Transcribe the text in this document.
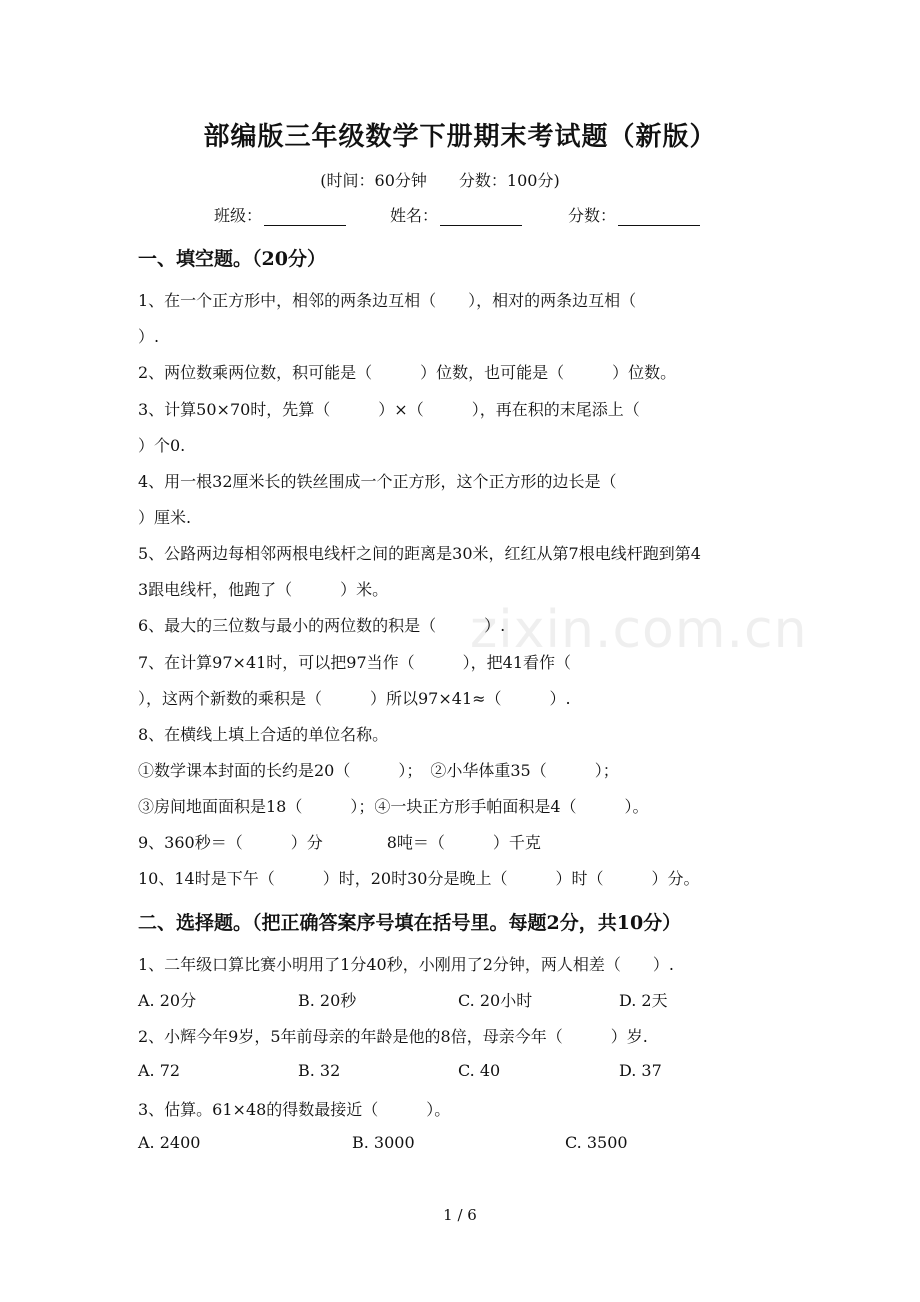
zixin.com.cn
部编版三年级数学下册期末考试题（新版）
(时间：60分钟　　分数：100分)
班级：	姓名：	分数：
一、填空题。（20分）
1、在一个正方形中，相邻的两条边互相（　　），相对的两条边互相（
）.
2、两位数乘两位数，积可能是（　　　）位数，也可能是（　　　）位数。
3、计算50×70时，先算（　　　）×（　　　），再在积的末尾添上（
）个0.
4、用一根32厘米长的铁丝围成一个正方形，这个正方形的边长是（
）厘米.
5、公路两边每相邻两根电线杆之间的距离是30米，红红从第7根电线杆跑到第4
3跟电线杆，他跑了（　　　）米。
6、最大的三位数与最小的两位数的积是（　　　）.
7、在计算97×41时，可以把97当作（　　　），把41看作（
），这两个新数的乘积是（　　　）所以97×41≈（　　　）.
8、在横线上填上合适的单位名称。
①数学课本封面的长约是20（　　　）；　②小华体重35（　　　）；
③房间地面面积是18（　　　）；④一块正方形手帕面积是4（　　　）。
9、360秒＝（　　　）分　　　　8吨＝（　　　）千克
10、14时是下午（　　　）时，20时30分是晚上（　　　）时（　　　）分。
二、选择题。（把正确答案序号填在括号里。每题2分，共10分）
1、二年级口算比赛小明用了1分40秒，小刚用了2分钟，两人相差（　　）.
A. 20分	B. 20秒	C. 20小时	D. 2天
2、小辉今年9岁，5年前母亲的年龄是他的8倍，母亲今年（　　　）岁.
A. 72	B. 32	C. 40	D. 37
3、估算。61×48的得数最接近（　　　）。
A. 2400	B. 3000	C. 3500
1 / 6
